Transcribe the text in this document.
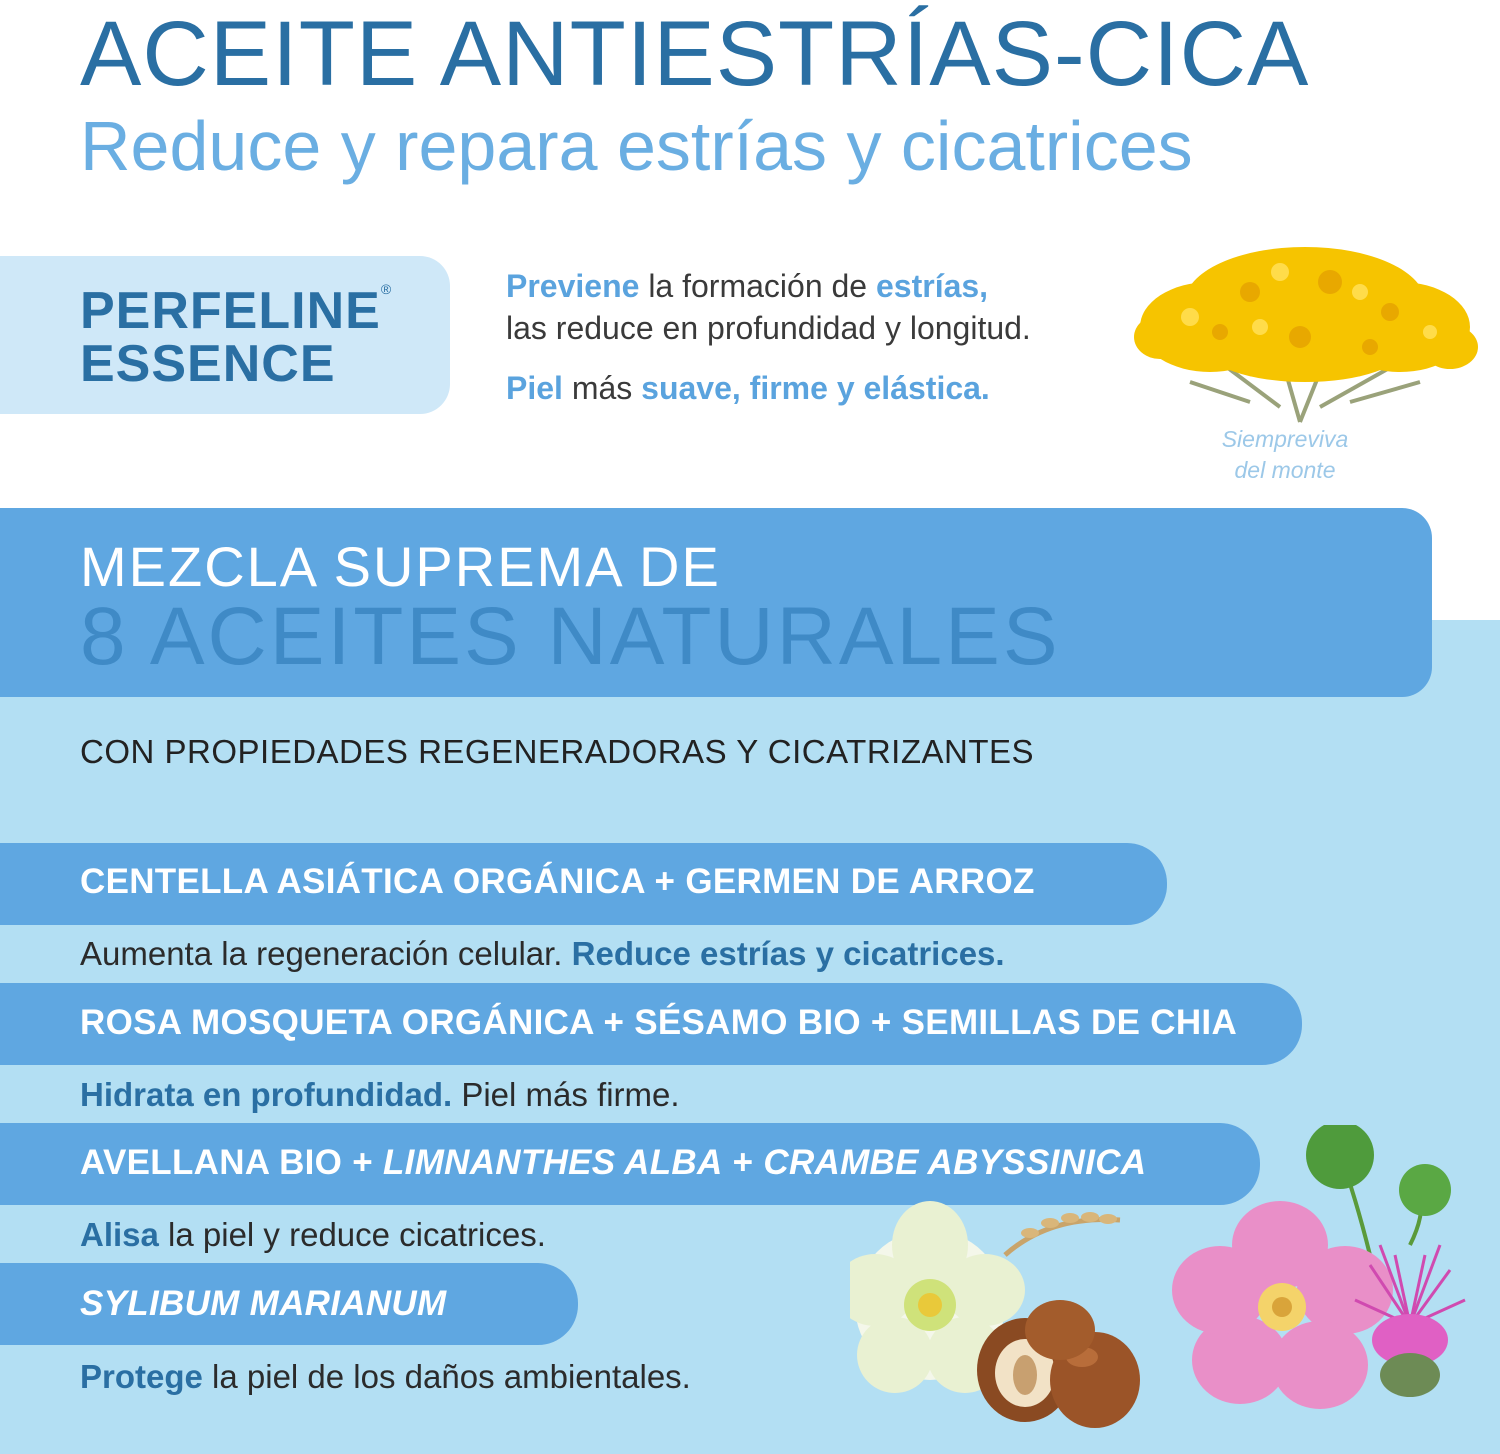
ACEITE ANTIESTRÍAS-CICA
Reduce y repara estrías y cicatrices
PERFELINE®
ESSENCE
Previene la formación de estrías,
las reduce en profundidad y longitud.
Piel más suave, firme y elástica.
Siempreviva
del monte
MEZCLA SUPREMA DE
8 ACEITES NATURALES
CON PROPIEDADES REGENERADORAS Y CICATRIZANTES
CENTELLA ASIÁTICA ORGÁNICA + GERMEN DE ARROZ
Aumenta la regeneración celular. Reduce estrías y cicatrices.
ROSA MOSQUETA ORGÁNICA + SÉSAMO BIO + SEMILLAS DE CHIA
Hidrata en profundidad. Piel más firme.
AVELLANA BIO + LIMNANTHES ALBA + CRAMBE ABYSSINICA
Alisa la piel y reduce cicatrices.
SYLIBUM MARIANUM
Protege la piel de los daños ambientales.
